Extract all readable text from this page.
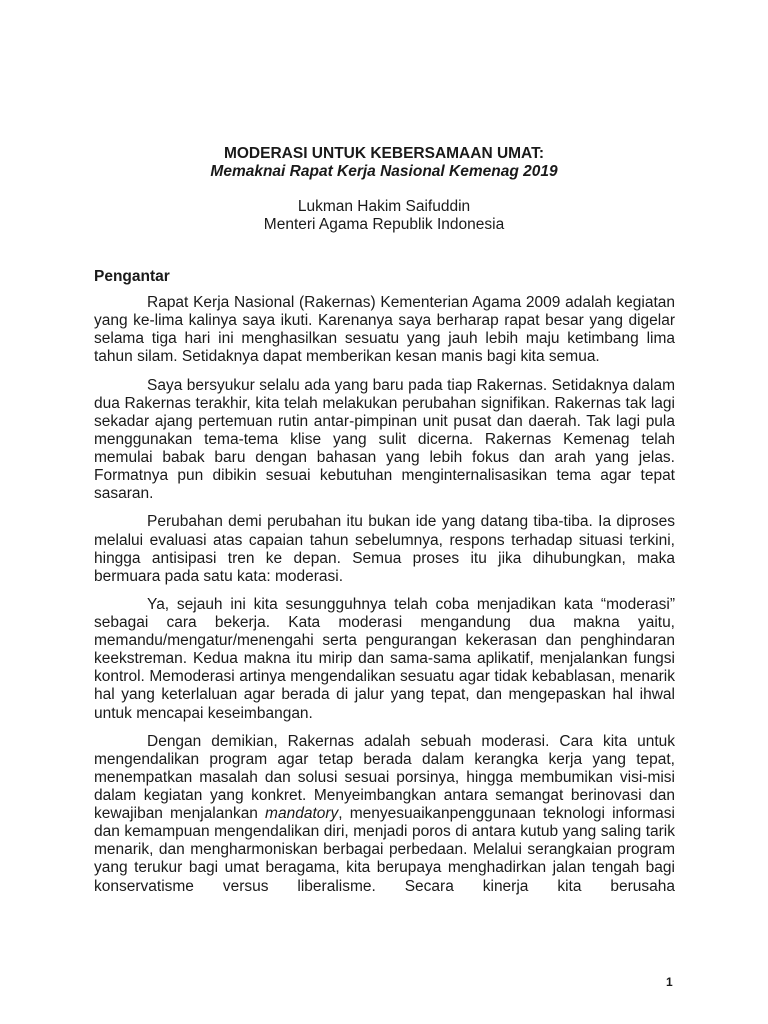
MODERASI UNTUK KEBERSAMAAN UMAT:
Memaknai Rapat Kerja Nasional Kemenag 2019
Lukman Hakim Saifuddin
Menteri Agama Republik Indonesia
Pengantar

Rapat Kerja Nasional (Rakernas) Kementerian Agama 2009 adalah kegiatan yang ke-lima kalinya saya ikuti. Karenanya saya berharap rapat besar yang digelar selama tiga hari ini menghasilkan sesuatu yang jauh lebih maju ketimbang lima tahun silam. Setidaknya dapat memberikan kesan manis bagi kita semua.

Saya bersyukur selalu ada yang baru pada tiap Rakernas. Setidaknya dalam dua Rakernas terakhir, kita telah melakukan perubahan signifikan. Rakernas tak lagi sekadar ajang pertemuan rutin antar-pimpinan unit pusat dan daerah. Tak lagi pula menggunakan tema-tema klise yang sulit dicerna. Rakernas Kemenag telah memulai babak baru dengan bahasan yang lebih fokus dan arah yang jelas. Formatnya pun dibikin sesuai kebutuhan menginternalisasikan tema agar tepat sasaran.

Perubahan demi perubahan itu bukan ide yang datang tiba-tiba. Ia diproses melalui evaluasi atas capaian tahun sebelumnya, respons terhadap situasi terkini, hingga antisipasi tren ke depan. Semua proses itu jika dihubungkan, maka bermuara pada satu kata: moderasi.

Ya, sejauh ini kita sesungguhnya telah coba menjadikan kata “moderasi” sebagai cara bekerja. Kata moderasi mengandung dua makna yaitu, memandu/mengatur/menengahi serta pengurangan kekerasan dan penghindaran keekstreman. Kedua makna itu mirip dan sama-sama aplikatif, menjalankan fungsi kontrol. Memoderasi artinya mengendalikan sesuatu agar tidak kebablasan, menarik hal yang keterlaluan agar berada di jalur yang tepat, dan mengepaskan hal ihwal untuk mencapai keseimbangan.

Dengan demikian, Rakernas adalah sebuah moderasi. Cara kita untuk mengendalikan program agar tetap berada dalam kerangka kerja yang tepat, menempatkan masalah dan solusi sesuai porsinya, hingga membumikan visi-misi dalam kegiatan yang konkret. Menyeimbangkan antara semangat berinovasi dan kewajiban menjalankan mandatory, menyesuaikanpenggunaan teknologi informasi dan kemampuan mengendalikan diri, menjadi poros di antara kutub yang saling tarik menarik, dan mengharmoniskan berbagai perbedaan. Melalui serangkaian program yang terukur bagi umat beragama, kita berupaya menghadirkan jalan tengah bagi konservatisme versus liberalisme. Secara kinerja kita berusaha

1
